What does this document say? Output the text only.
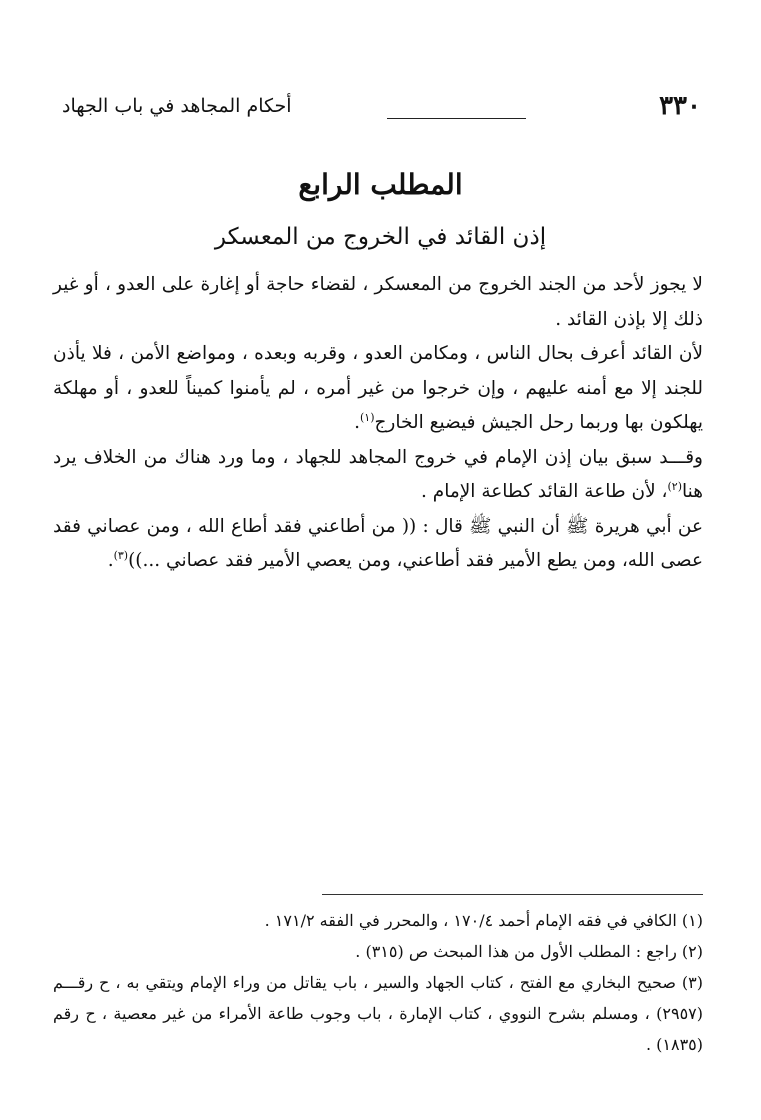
٣٣٠
أحكام المجاهد في باب الجهاد
المطلب الرابع
إذن القائد في الخروج من المعسكر

لا يجوز لأحد من الجند الخروج من المعسكر ، لقضاء حاجة أو إغارة على العدو ، أو غير ذلك إلا بإذن القائد .

لأن القائد أعرف بحال الناس ، ومكامن العدو ، وقربه وبعده ، ومواضع الأمن ، فلا يأذن للجند إلا مع أمنه عليهم ، وإن خرجوا من غير أمره ، لم يأمنوا كميناً للعدو ، أو مهلكة يهلكون بها وربما رحل الجيش فيضيع الخارج$^{(١)}$.

وقـــد سبق بيان إذن الإمام في خروج المجاهد للجهاد ، وما ورد هناك من الخلاف يرد هنا$^{(٢)}$، لأن طاعة القائد كطاعة الإمام .

عن أبي هريرة ﷺ أن النبي ﷺ قال : (( من أطاعني فقد أطاع الله ، ومن عصاني فقد عصى الله، ومن يطع الأمير فقد أطاعني، ومن يعصي الأمير فقد عصاني ...))$^{(٣)}$.

(١) الكافي في فقه الإمام أحمد ١٧٠/٤ ، والمحرر في الفقه ١٧١/٢ .

(٢) راجع : المطلب الأول من هذا المبحث ص (٣١٥) .

(٣) صحيح البخاري مع الفتح ، كتاب الجهاد والسير ، باب يقاتل من وراء الإمام ويتقي به ، ح رقـــم (٢٩٥٧) ، ومسلم بشرح النووي ، كتاب الإمارة ، باب وجوب طاعة الأمراء من غير معصية ، ح رقم (١٨٣٥) .
